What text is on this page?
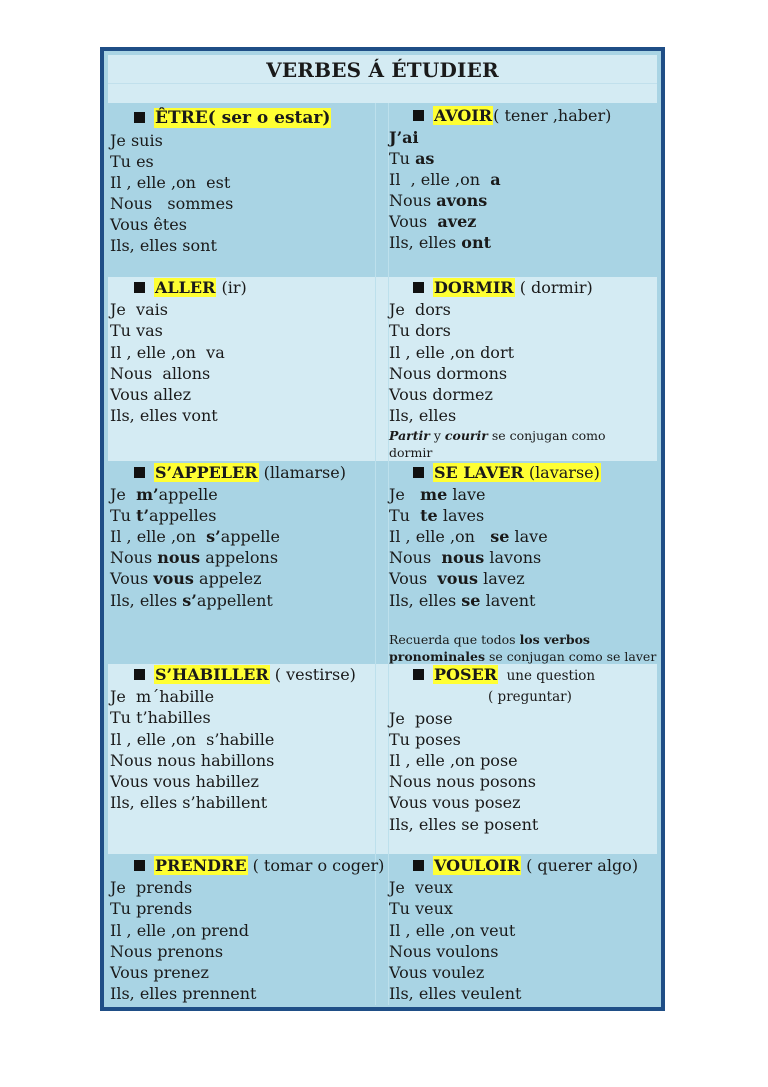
VERBES Á ÉTUDIER
ÊTRE( ser o estar)
Je suis
Tu es
Il , elle ,on  est
Nous   sommes
Vous êtes
Ils, elles sont
AVOIR( tener ,haber)
J’ai
Tu as
Il  , elle ,on  a
Nous avons
Vous  avez
Ils, elles ont
ALLER (ir)
Je  vais
Tu vas
Il , elle ,on  va
Nous  allons
Vous allez
Ils, elles vont
DORMIR ( dormir)
Je  dors
Tu dors
Il , elle ,on dort
Nous dormons
Vous dormez
Ils, elles
Partir y courir se conjugan como
dormir
S’APPELER (llamarse)
Je  m’appelle
Tu t’appelles
Il , elle ,on  s’appelle
Nous nous appelons
Vous vous appelez
Ils, elles s’appellent
SE LAVER (lavarse)
Je   me lave
Tu  te laves
Il , elle ,on   se lave
Nous  nous lavons
Vous  vous lavez
Ils, elles se lavent
Recuerda que todos los verbos
pronominales se conjugan como se laver
S’HABILLER ( vestirse)
Je  m´habille
Tu t’habilles
Il , elle ,on  s’habille
Nous nous habillons
Vous vous habillez
Ils, elles s’habillent
POSER  une question
( preguntar)
Je  pose
Tu poses
Il , elle ,on pose
Nous nous posons
Vous vous posez
Ils, elles se posent
PRENDRE ( tomar o coger)
Je  prends
Tu prends
Il , elle ,on prend
Nous prenons
Vous prenez
Ils, elles prennent
VOULOIR ( querer algo)
Je  veux
Tu veux
Il , elle ,on veut
Nous voulons
Vous voulez
Ils, elles veulent
